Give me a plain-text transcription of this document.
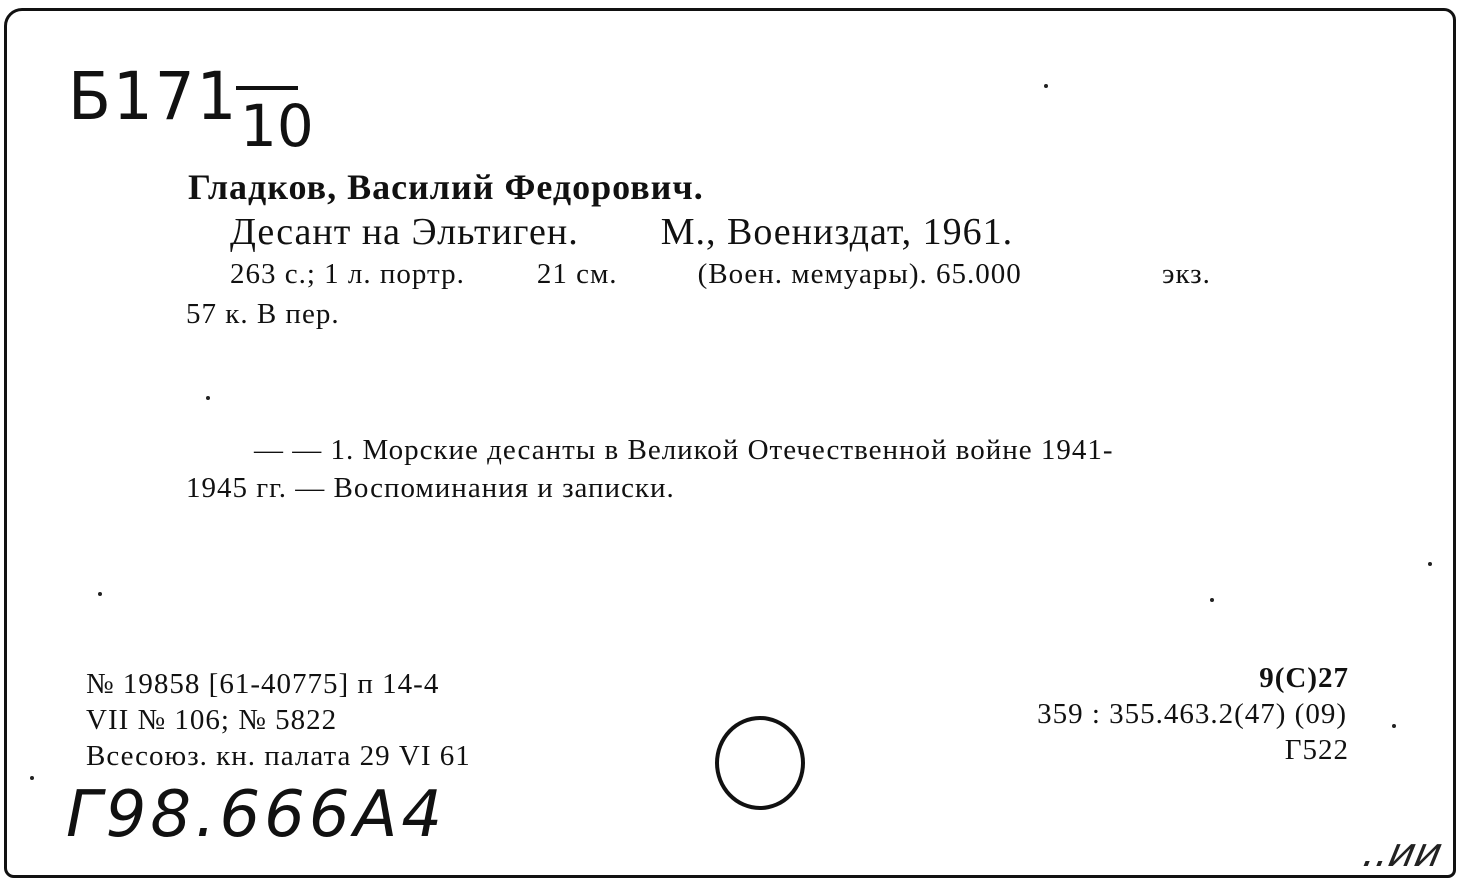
Б171 10
Гладков, Василий Федорович.
Десант на Эльтиген. М., Воениздат, 1961.
263 с.; 1 л. портр. 21 см.	(Воен. мемуары). 65.000	экз.
57 к. В пер.
— — 1. Морские десанты в Великой Отечественной войне 1941-
1945 гг. — Воспоминания и записки.
№ 19858 [61-40775] п 14-4
VII № 106; № 5822
Всесоюз. кн. палата 29 VI 61
9(С)27
359 : 355.463.2(47) (09)
Г522
Г98.666А4
..ии
